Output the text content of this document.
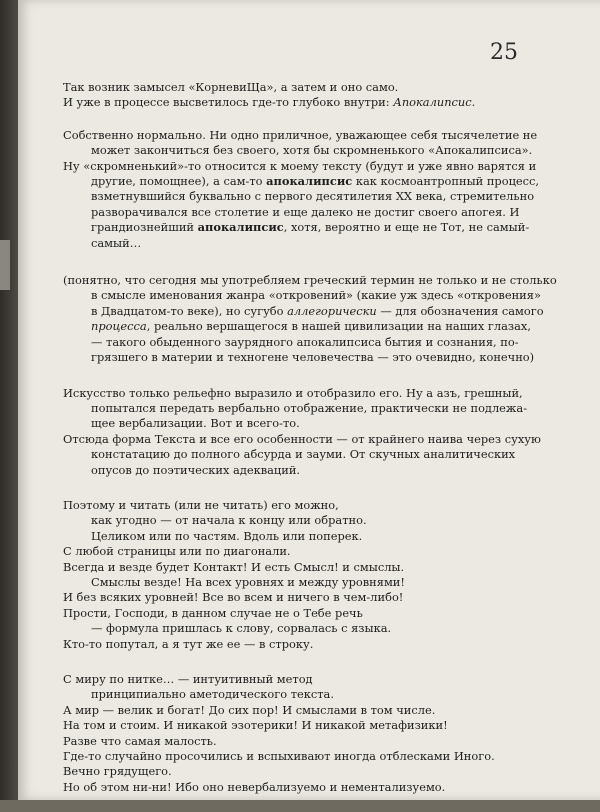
25
Так возник замысел «КорневиЩа», а затем и оно само.
И уже в процессе высветилось где-то глубоко внутри: Апокалипсис.
Собственно нормально. Ни одно приличное, уважающее себя тысячелетие не
может закончиться без своего, хотя бы скромненького «Апокалипсиса».
Ну «скромненький»-то относится к моему тексту (будут и уже явно варятся и
другие, помощнее), а сам-то апокалипсис как космоантропный процесс,
взметнувшийся буквально с первого десятилетия ХХ века, стремительно
разворачивался все столетие и еще далеко не достиг своего апогея. И
грандиознейший апокалипсис, хотя, вероятно и еще не Тот, не самый-
самый…
(понятно, что сегодня мы употребляем греческий термин не только и не столько
в смысле именования жанра «откровений» (какие уж здесь «откровения»
в Двадцатом-то веке), но сугубо аллегорически — для обозначения самого
процесса, реально вершащегося в нашей цивилизации на наших глазах,
— такого обыденного заурядного апокалипсиса бытия и сознания, по-
грязшего в материи и техногене человечества — это очевидно, конечно)
Искусство только рельефно выразило и отобразило его. Ну а азъ, грешный,
попытался передать вербально отображение, практически не подлежа-
щее вербализации. Вот и всего-то.
Отсюда форма Текста и все его особенности — от крайнего наива через сухую
констатацию до полного абсурда и зауми. От скучных аналитических
опусов до поэтических адекваций.
Поэтому и читать (или не читать) его можно,
как угодно — от начала к концу или обратно.
Целиком или по частям. Вдоль или поперек.
С любой страницы или по диагонали.
Всегда и везде будет Контакт! И есть Смысл! и смыслы.
Смыслы везде! На всех уровнях и между уровнями!
И без всяких уровней! Все во всем и ничего в чем-либо!
Прости, Господи, в данном случае не о Тебе речь
— формула пришлась к слову, сорвалась с языка.
Кто-то попутал, а я тут же ее — в строку.
С миру по нитке… — интуитивный метод
принципиально аметодического текста.
А мир — велик и богат! До сих пор! И смыслами в том числе.
На том и стоим. И никакой эзотерики! И никакой метафизики!
Разве что самая малость.
Где-то случайно просочились и вспыхивают иногда отблесками Иного.
Вечно грядущего.
Но об этом ни-ни! Ибо оно невербализуемо и нементализуемо.
